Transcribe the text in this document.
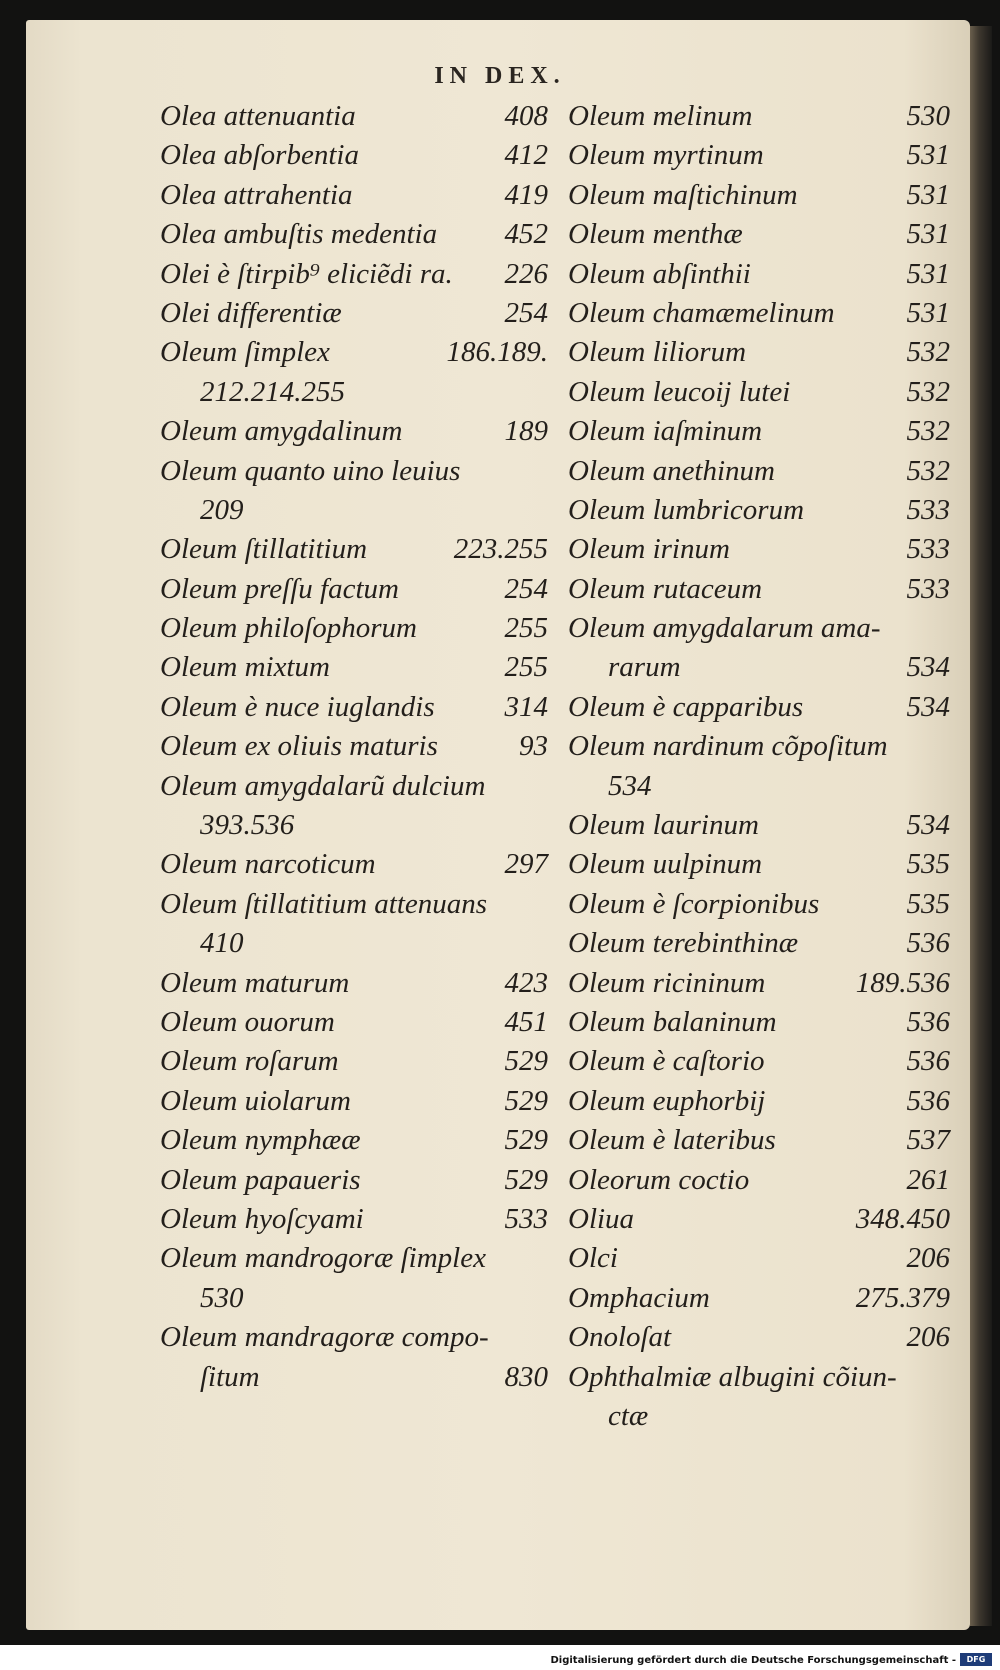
IN DEX.
Olea attenuantia	408
Olea abſorbentia	412
Olea attrahentia	419
Olea ambuſtis medentia 452
Olei è ſtirpib⁹ eliciẽdi ra. 226
Olei differentiæ	254
Oleum ſimplex	186.189.
212.214.255
Oleum amygdalinum	189
Oleum quanto uino leuius
209
Oleum ſtillatitium	223.255
Oleum preſſu factum	254
Oleum philoſophorum	255
Oleum mixtum	255
Oleum è nuce iuglandis 314
Oleum ex oliuis maturis	93
Oleum amygdalarũ dulcium
393.536
Oleum narcoticum	297
Oleum ſtillatitium attenuans
410
Oleum maturum	423
Oleum ouorum	451
Oleum roſarum	529
Oleum uiolarum	529
Oleum nymphææ	529
Oleum papaueris	529
Oleum hyoſcyami	533
Oleum mandrogoræ ſimplex
530
Oleum mandragoræ compo-
ſitum	830
Oleum melinum	530
Oleum myrtinum	531
Oleum maſtichinum	531
Oleum menthæ	531
Oleum abſinthii	531
Oleum chamæmelinum 531
Oleum liliorum	532
Oleum leucoij lutei	532
Oleum iaſminum	532
Oleum anethinum	532
Oleum lumbricorum	533
Oleum irinum	533
Oleum rutaceum	533
Oleum amygdalarum ama-
rarum	534
Oleum è capparibus	534
Oleum nardinum cõpoſitum
534
Oleum laurinum	534
Oleum uulpinum	535
Oleum è ſcorpionibus	535
Oleum terebinthinæ	536
Oleum ricininum	189.536
Oleum balaninum	536
Oleum è caſtorio	536
Oleum euphorbij	536
Oleum è lateribus	537
Oleorum coctio	261
Oliua	348.450
Olci	206
Omphacium	275.379
Onoloſat	206
Ophthalmiæ albugini cõiun-
ctæ

Digitalisierung gefördert durch die Deutsche Forschungsgemeinschaft -	DFG
